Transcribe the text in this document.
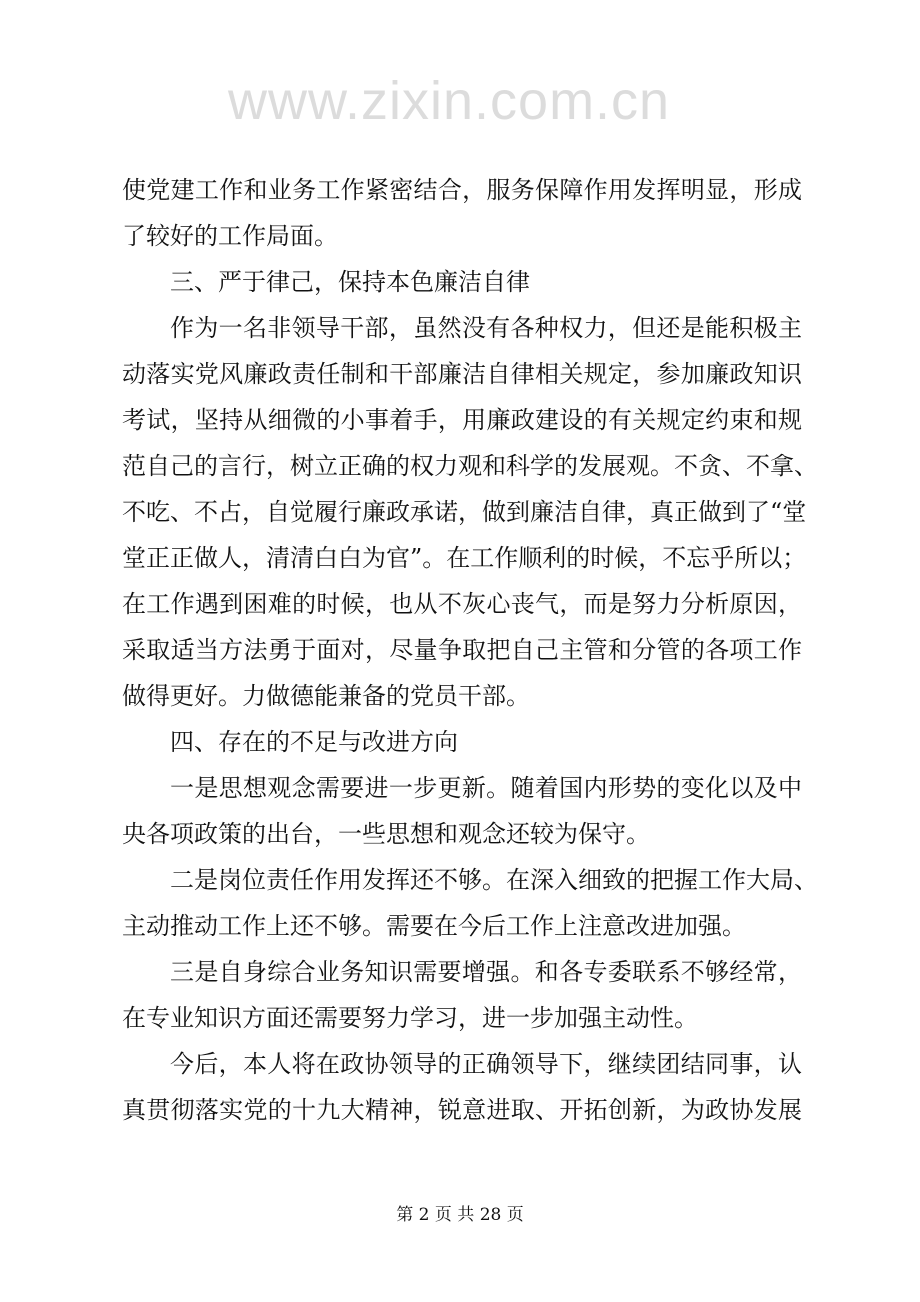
www.zixin.com.cn
使党建工作和业务工作紧密结合，服务保障作用发挥明显，形成
了较好的工作局面。
三、严于律己，保持本色廉洁自律
作为一名非领导干部，虽然没有各种权力，但还是能积极主
动落实党风廉政责任制和干部廉洁自律相关规定，参加廉政知识
考试，坚持从细微的小事着手，用廉政建设的有关规定约束和规
范自己的言行，树立正确的权力观和科学的发展观。不贪、不拿、
不吃、不占，自觉履行廉政承诺，做到廉洁自律，真正做到了“堂
堂正正做人，清清白白为官”。在工作顺利的时候，不忘乎所以；
在工作遇到困难的时候，也从不灰心丧气，而是努力分析原因，
采取适当方法勇于面对，尽量争取把自己主管和分管的各项工作
做得更好。力做德能兼备的党员干部。
四、存在的不足与改进方向
一是思想观念需要进一步更新。随着国内形势的变化以及中
央各项政策的出台，一些思想和观念还较为保守。
二是岗位责任作用发挥还不够。在深入细致的把握工作大局、
主动推动工作上还不够。需要在今后工作上注意改进加强。
三是自身综合业务知识需要增强。和各专委联系不够经常，
在专业知识方面还需要努力学习，进一步加强主动性。
今后，本人将在政协领导的正确领导下，继续团结同事，认
真贯彻落实党的十九大精神，锐意进取、开拓创新，为政协发展
第 2 页 共 28 页
